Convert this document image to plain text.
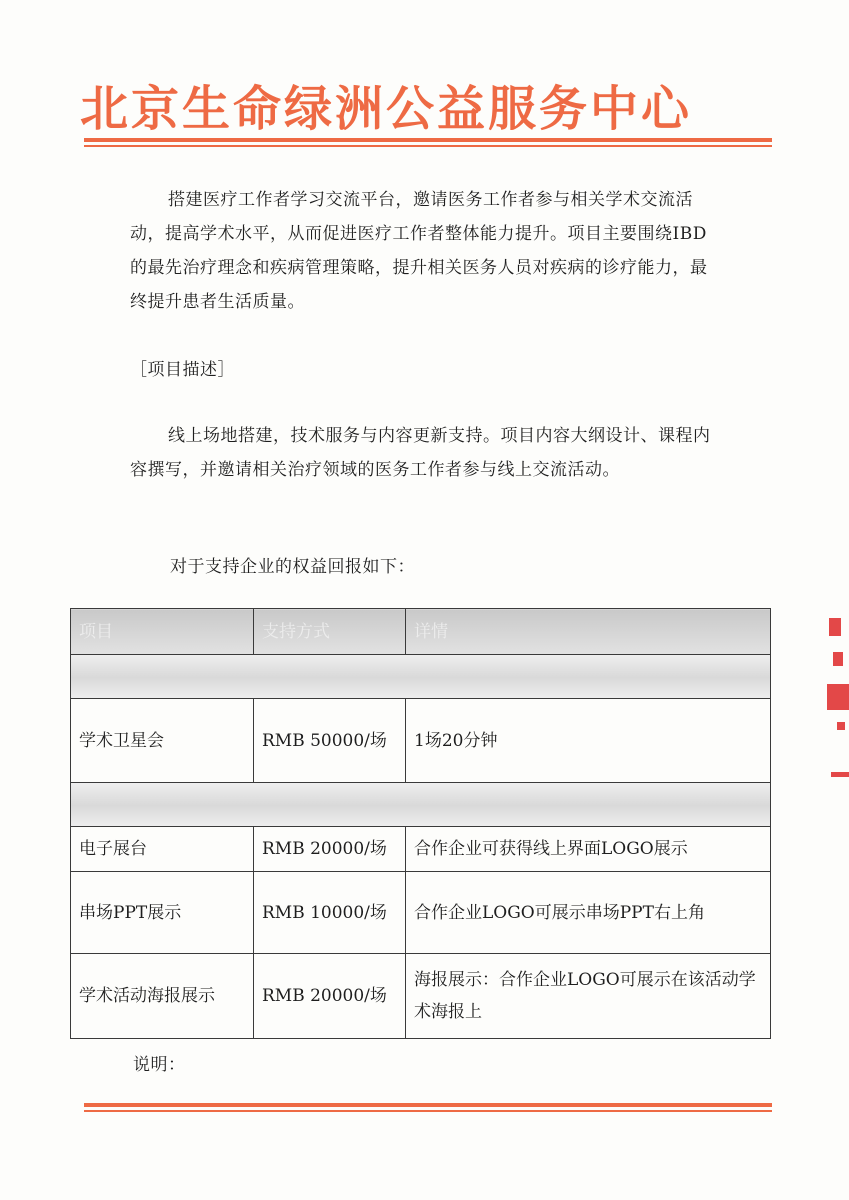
北京生命绿洲公益服务中心
搭建医疗工作者学习交流平台，邀请医务工作者参与相关学术交流活动，提高学术水平，从而促进医疗工作者整体能力提升。项目主要围绕IBD的最先治疗理念和疾病管理策略，提升相关医务人员对疾病的诊疗能力，最终提升患者生活质量。
［项目描述］
线上场地搭建，技术服务与内容更新支持。项目内容大纲设计、课程内容撰写，并邀请相关治疗领域的医务工作者参与线上交流活动。
对于支持企业的权益回报如下：
项目	支持方式	详情

学术卫星会	RMB 50000/场	1场20分钟

电子展台	RMB 20000/场	合作企业可获得线上界面LOGO展示
串场PPT展示	RMB 10000/场	合作企业LOGO可展示串场PPT右上角
学术活动海报展示	RMB 20000/场	海报展示：合作企业LOGO可展示在该活动学术海报上
说明：
